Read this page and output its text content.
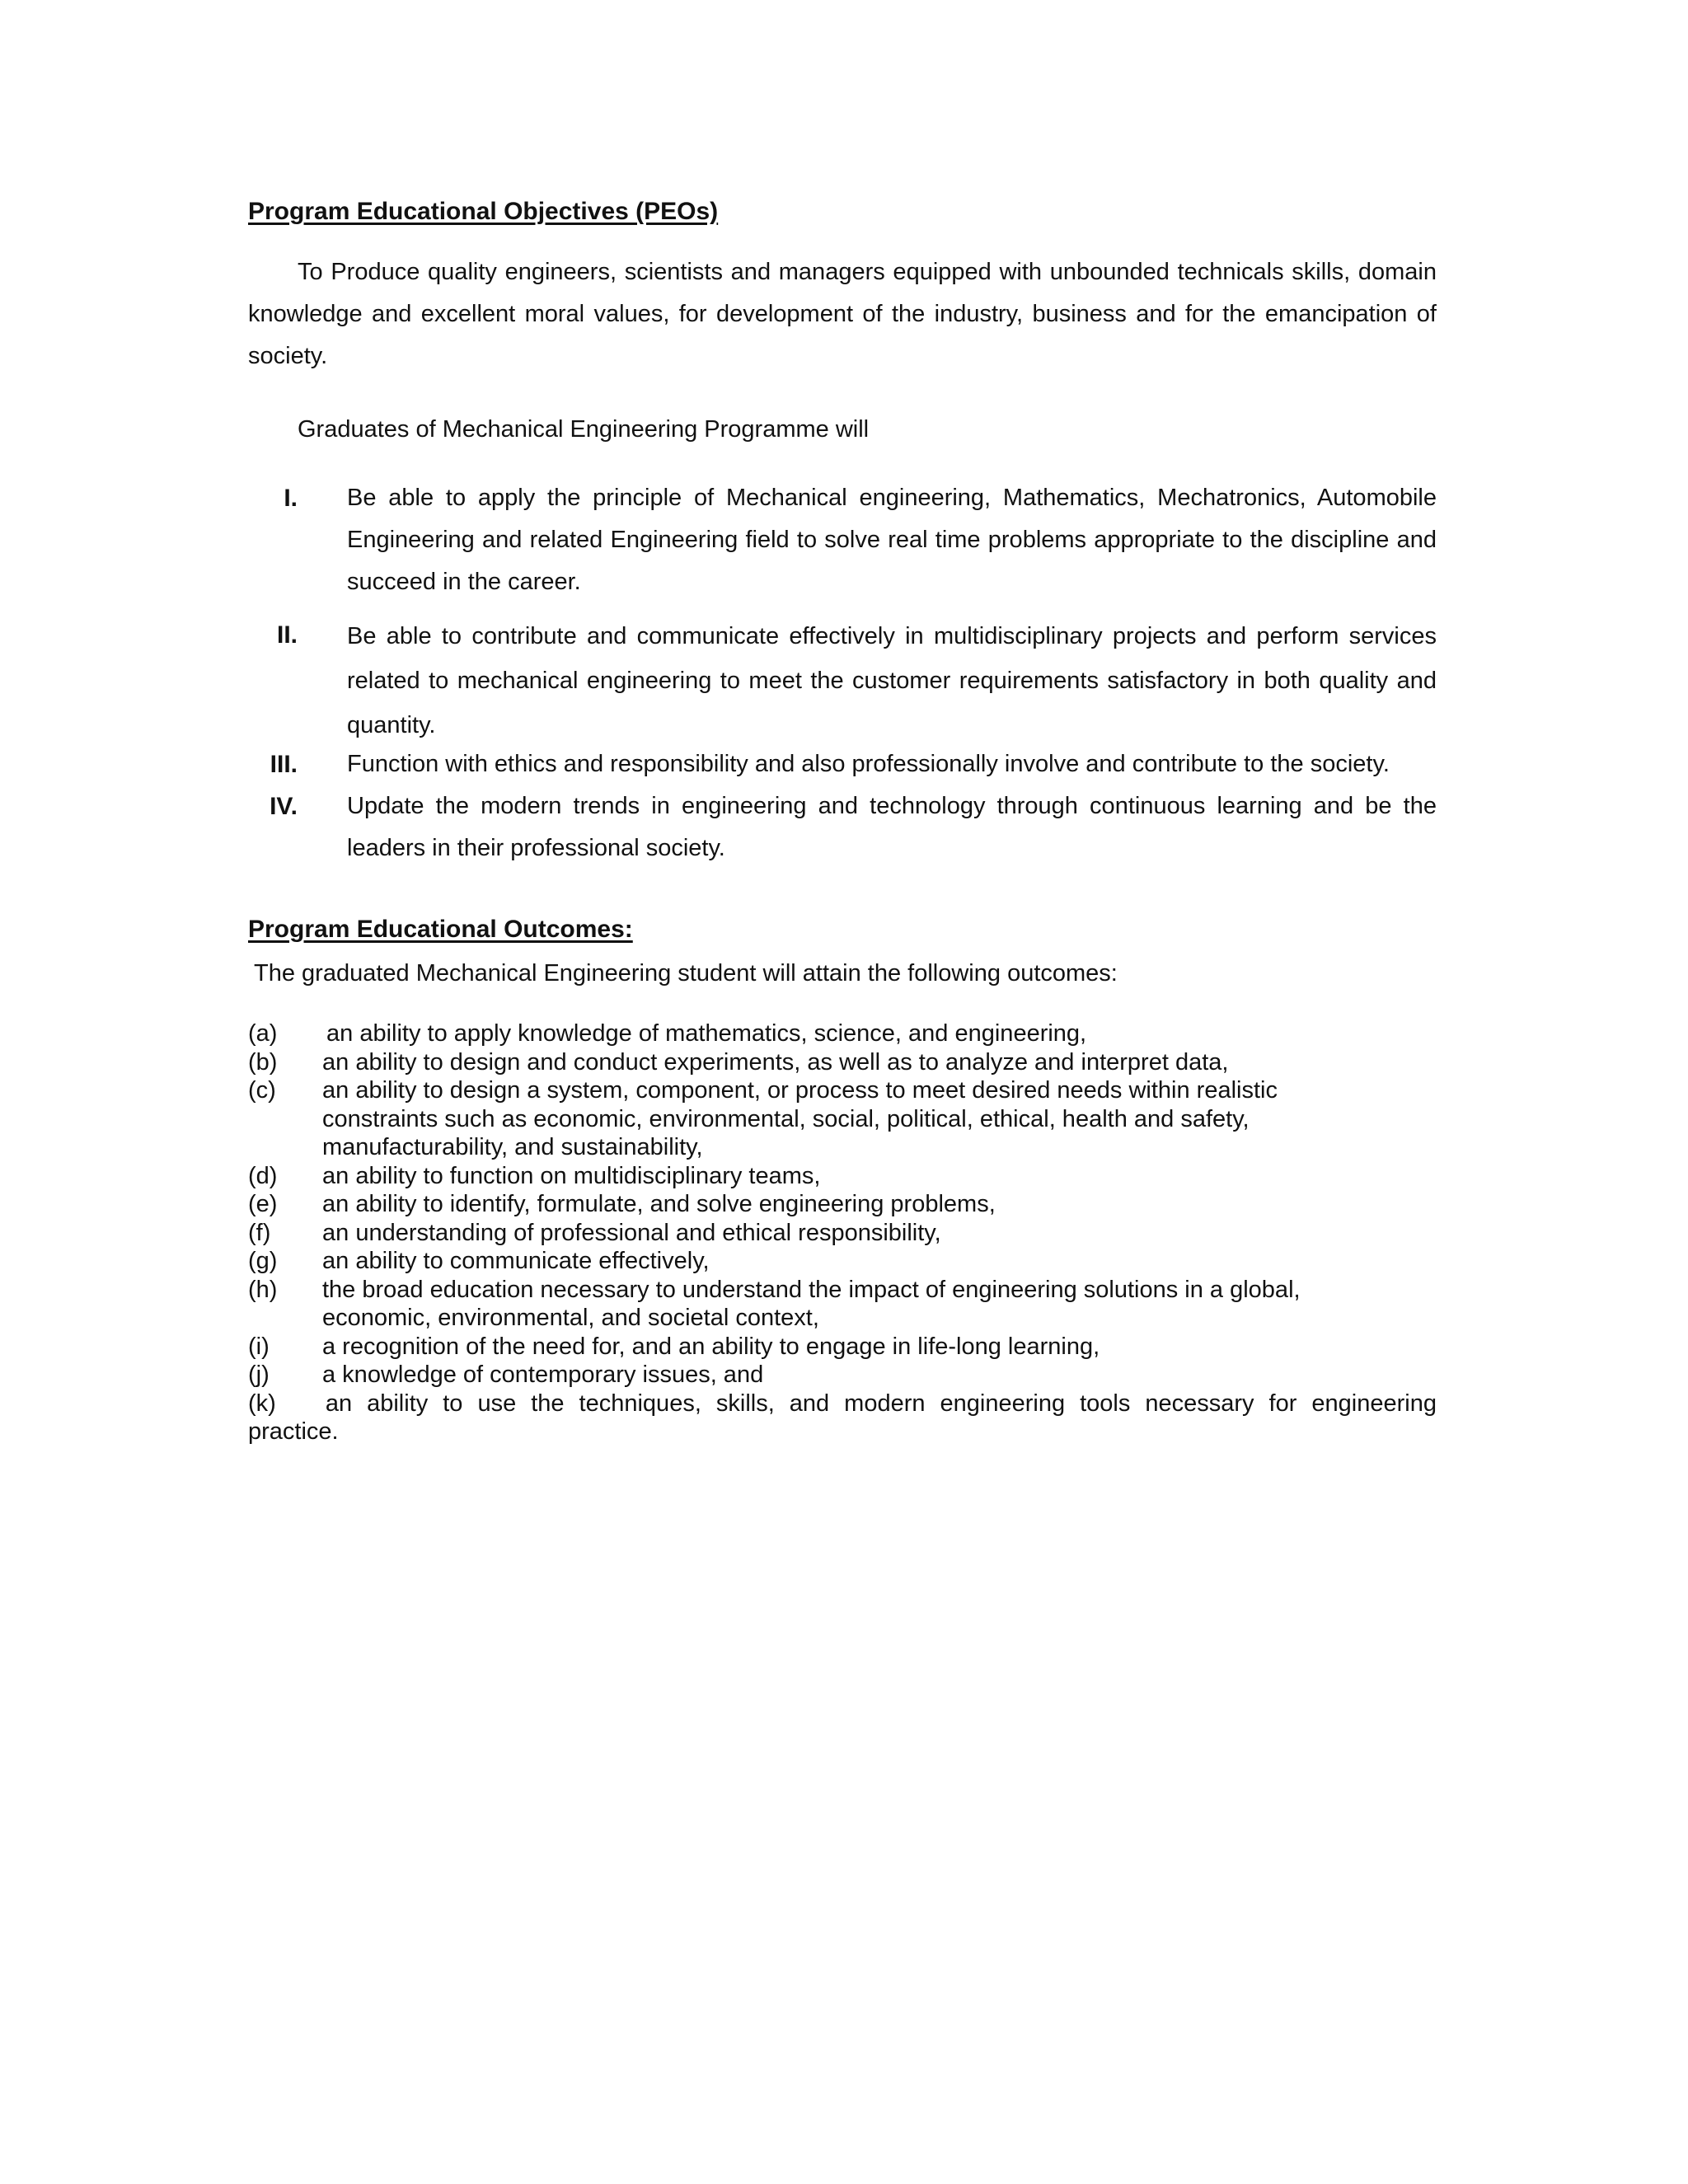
Program Educational Objectives (PEOs)

To Produce quality engineers, scientists and managers equipped with unbounded technicals skills, domain knowledge and excellent moral values, for development of the industry, business and for the emancipation of society.

Graduates of Mechanical Engineering Programme will

I. Be able to apply the principle of Mechanical engineering, Mathematics, Mechatronics, Automobile Engineering and related Engineering field to solve real time problems appropriate to the discipline and succeed in the career.
II. Be able to contribute and communicate effectively in multidisciplinary projects and perform services related to mechanical engineering to meet the customer requirements satisfactory in both quality and quantity.
III. Function with ethics and responsibility and also professionally involve and contribute to the society.
IV. Update the modern trends in engineering and technology through continuous learning and be the leaders in their professional society.
Program Educational Outcomes:
The graduated Mechanical Engineering student will attain the following outcomes:
(a) an ability to apply knowledge of mathematics, science, and engineering,
(b) an ability to design and conduct experiments, as well as to analyze and interpret data,
(c) an ability to design a system, component, or process to meet desired needs within realistic constraints such as economic, environmental, social, political, ethical, health and safety, manufacturability, and sustainability,
(d) an ability to function on multidisciplinary teams,
(e) an ability to identify, formulate, and solve engineering problems,
(f) an understanding of professional and ethical responsibility,
(g) an ability to communicate effectively,
(h) the broad education necessary to understand the impact of engineering solutions in a global, economic, environmental, and societal context,
(i) a recognition of the need for, and an ability to engage in life-long learning,
(j) a knowledge of contemporary issues, and
(k) an ability to use the techniques, skills, and modern engineering tools necessary for engineering
practice.
